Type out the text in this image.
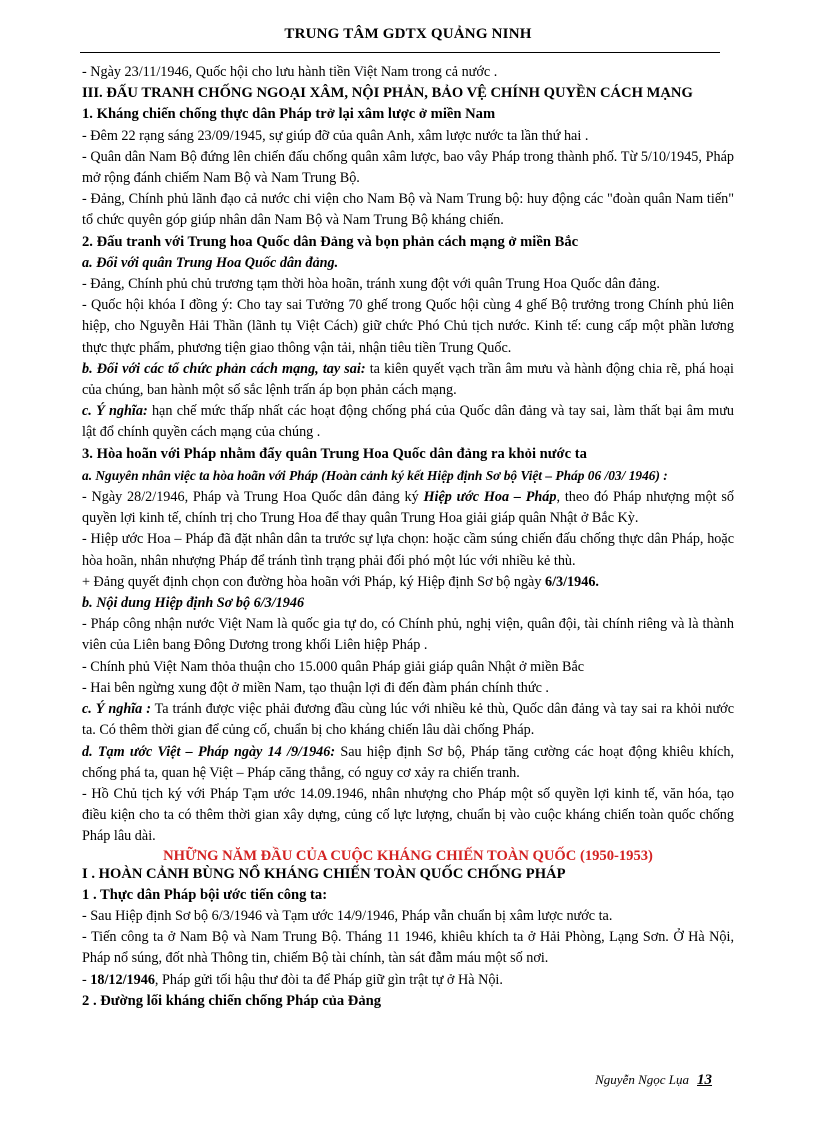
TRUNG TÂM GDTX QUẢNG NINH

- Ngày 23/11/1946, Quốc hội cho lưu hành tiền Việt Nam trong cả nước .

III. ĐẤU TRANH CHỐNG NGOẠI XÂM, NỘI PHẢN, BẢO VỆ CHÍNH QUYỀN CÁCH MẠNG

1. Kháng chiến chống thực dân Pháp trở lại xâm lược ở miền Nam

- Đêm 22 rạng sáng 23/09/1945, sự giúp đỡ của quân Anh, xâm lược nước ta lần thứ hai .

- Quân dân Nam Bộ đứng lên chiến đấu chống quân xâm lược, bao vây Pháp trong thành phố. Từ 5/10/1945, Pháp mở rộng đánh chiếm Nam Bộ và Nam Trung Bộ.

- Đảng, Chính phủ lãnh đạo cả nước chi viện cho Nam Bộ và Nam Trung bộ: huy động các "đoàn quân Nam tiến" tổ chức quyên góp giúp nhân dân Nam Bộ và Nam Trung Bộ kháng chiến.

2. Đấu tranh với Trung hoa Quốc dân Đảng và bọn phản cách mạng ở miền Bắc

a. Đối với quân Trung Hoa Quốc dân đảng.

- Đảng, Chính phủ chủ trương tạm thời hòa hoãn, tránh xung đột với quân Trung Hoa Quốc dân đảng.

- Quốc hội khóa I đồng ý: Cho tay sai Tưởng 70 ghế trong Quốc hội cùng 4 ghế Bộ trưởng trong Chính phủ liên hiệp, cho Nguyễn Hải Thần (lãnh tụ Việt Cách) giữ chức Phó Chủ tịch nước. Kinh tế: cung cấp một phần lương thực thực phẩm, phương tiện giao thông vận tải, nhận tiêu tiền Trung Quốc.

b. Đối với các tổ chức phản cách mạng, tay sai: ta kiên quyết vạch trần âm mưu và hành động chia rẽ, phá hoại của chúng, ban hành một số sắc lệnh trấn áp bọn phản cách mạng.

c. Ý nghĩa: hạn chế mức thấp nhất các hoạt động chống phá của Quốc dân đảng và tay sai, làm thất bại âm mưu lật đổ chính quyền cách mạng của chúng .

3. Hòa hoãn với Pháp nhằm đẩy quân Trung Hoa Quốc dân đảng ra khỏi nước ta

a. Nguyên nhân việc ta hòa hoãn với Pháp (Hoàn cảnh ký kết Hiệp định Sơ bộ Việt – Pháp 06 /03/ 1946) :

- Ngày 28/2/1946, Pháp và Trung Hoa Quốc dân đảng ký Hiệp ước Hoa – Pháp, theo đó Pháp nhượng một số quyền lợi kinh tế, chính trị cho Trung Hoa để thay quân Trung Hoa giải giáp quân Nhật ở Bắc Kỳ.

- Hiệp ước Hoa – Pháp đã đặt nhân dân ta trước sự lựa chọn: hoặc cầm súng chiến đấu chống thực dân Pháp, hoặc hòa hoãn, nhân nhượng Pháp để tránh tình trạng phải đối phó một lúc với nhiều kẻ thù.

+ Đảng quyết định chọn con đường hòa hoãn với Pháp, ký Hiệp định Sơ bộ ngày 6/3/1946.

b. Nội dung Hiệp định Sơ bộ 6/3/1946

- Pháp công nhận nước Việt Nam là quốc gia tự do, có Chính phủ, nghị viện, quân đội, tài chính riêng và là thành viên của Liên bang Đông Dương trong khối Liên hiệp Pháp .

- Chính phủ Việt Nam thỏa thuận cho 15.000 quân Pháp giải giáp quân Nhật ở miền Bắc

- Hai bên ngừng xung đột ở miền Nam, tạo thuận lợi đi đến đàm phán chính thức .

c. Ý nghĩa : Ta tránh được việc phải đương đầu cùng lúc với nhiều kẻ thù, Quốc dân đảng và tay sai ra khỏi nước ta. Có thêm thời gian để củng cố, chuẩn bị cho kháng chiến lâu dài chống Pháp.

d. Tạm ước Việt – Pháp ngày 14 /9/1946: Sau hiệp định Sơ bộ, Pháp tăng cường các hoạt động khiêu khích, chống phá ta, quan hệ Việt – Pháp căng thẳng, có nguy cơ xảy ra chiến tranh.

- Hồ Chủ tịch ký với Pháp Tạm ước 14.09.1946, nhân nhượng cho Pháp một số quyền lợi kinh tế, văn hóa, tạo điều kiện cho ta có thêm thời gian xây dựng, củng cố lực lượng, chuẩn bị vào cuộc kháng chiến toàn quốc chống Pháp lâu dài.

NHỮNG NĂM ĐẦU CỦA CUỘC KHÁNG CHIẾN TOÀN QUỐC (1950-1953)

I . HOÀN CẢNH BÙNG NỔ KHÁNG CHIẾN TOÀN QUỐC CHỐNG PHÁP

1 . Thực dân Pháp bội ước tiến công ta:

- Sau Hiệp định Sơ bộ 6/3/1946 và Tạm ước 14/9/1946, Pháp vẫn chuẩn bị xâm lược nước ta.

- Tiến công ta ở Nam Bộ và Nam Trung Bộ. Tháng 11 1946, khiêu khích ta ở Hải Phòng, Lạng Sơn. Ở Hà Nội, Pháp nổ súng, đốt nhà Thông tin, chiếm Bộ tài chính, tàn sát đẫm máu một số nơi.

- 18/12/1946, Pháp gửi tối hậu thư đòi ta để Pháp giữ gìn trật tự ở Hà Nội.

2 . Đường lối kháng chiến chống Pháp của Đảng

Nguyễn Ngọc Lụa 13
